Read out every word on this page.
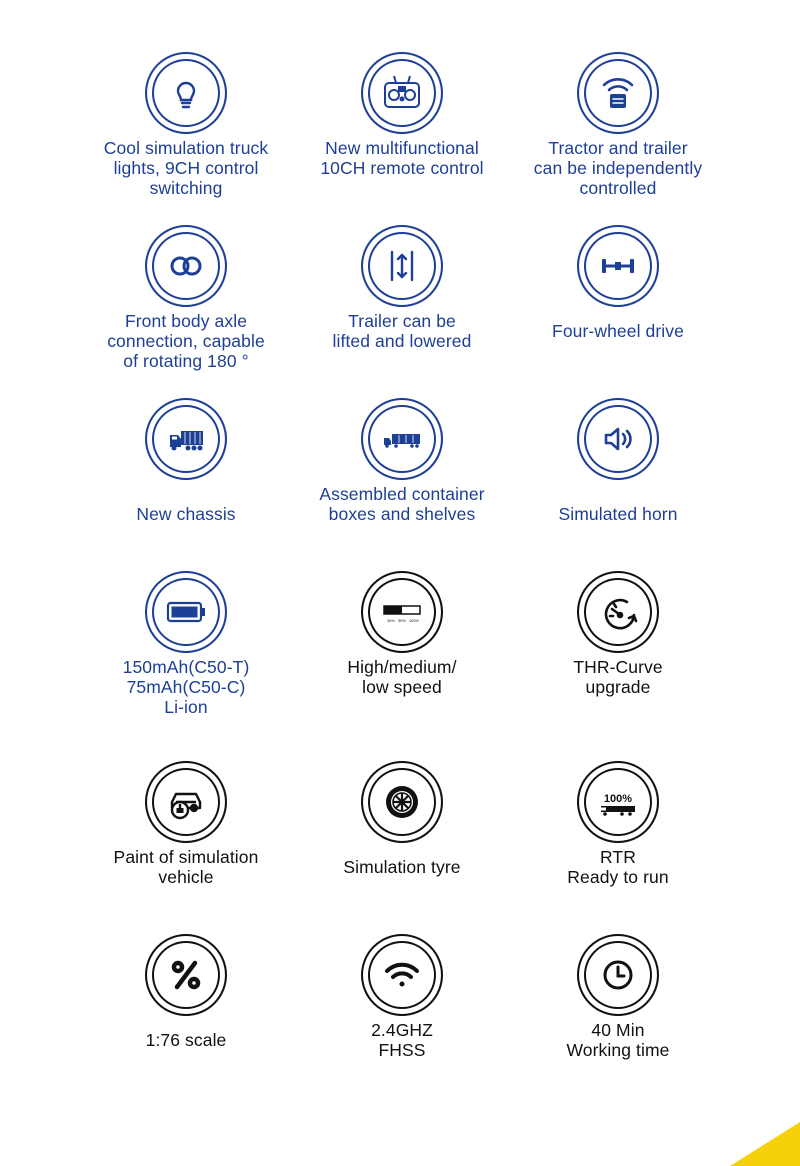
Cool simulation truck
lights, 9CH control
switching
New multifunctional
10CH remote control
Tractor and trailer
can be independently
controlled
Front body axle
connection, capable
of rotating 180 °
Trailer can be
lifted and lowered	Four-wheel drive
New chassis
Assembled container
boxes and shelves	Simulated horn
150mAh(C50-T)
75mAh(C50-C)
Li-ion
30% 50% 100%
High/medium/
low speed
THR-Curve
upgrade
Paint of simulation
vehicle	Simulation tyre
100%
RTR
Ready to run
1:76 scale	2.4GHZ
FHSS
40 Min
Working time
